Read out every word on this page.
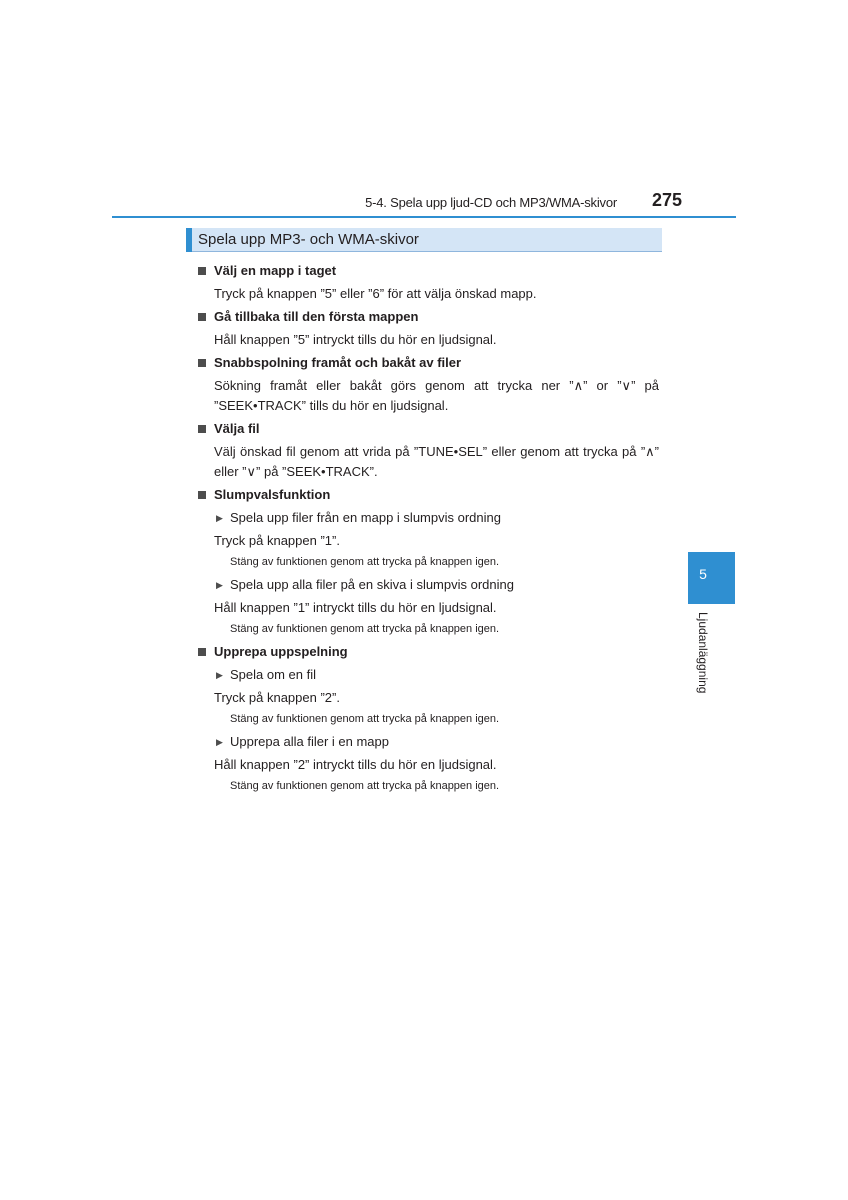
5-4. Spela upp ljud-CD och MP3/WMA-skivor	275
Spela upp MP3- och WMA-skivor
Välj en mapp i taget
Tryck på knappen ”5” eller ”6” för att välja önskad mapp.
Gå tillbaka till den första mappen
Håll knappen ”5” intryckt tills du hör en ljudsignal.
Snabbspolning framåt och bakåt av filer
Sökning framåt eller bakåt görs genom att trycka ner ”∧” or ”∨” på ”SEEK•TRACK” tills du hör en ljudsignal.
Välja fil
Välj önskad fil genom att vrida på ”TUNE•SEL” eller genom att trycka på ”∧” eller ”∨” på ”SEEK•TRACK”.
Slumpvalsfunktion
▶ Spela upp filer från en mapp i slumpvis ordning
Tryck på knappen ”1”.
Stäng av funktionen genom att trycka på knappen igen.
▶ Spela upp alla filer på en skiva i slumpvis ordning
Håll knappen ”1” intryckt tills du hör en ljudsignal.
Stäng av funktionen genom att trycka på knappen igen.
Upprepa uppspelning
▶ Spela om en fil
Tryck på knappen ”2”.
Stäng av funktionen genom att trycka på knappen igen.
▶ Upprepa alla filer i en mapp
Håll knappen ”2” intryckt tills du hör en ljudsignal.
Stäng av funktionen genom att trycka på knappen igen.
5
Ljudanläggning
